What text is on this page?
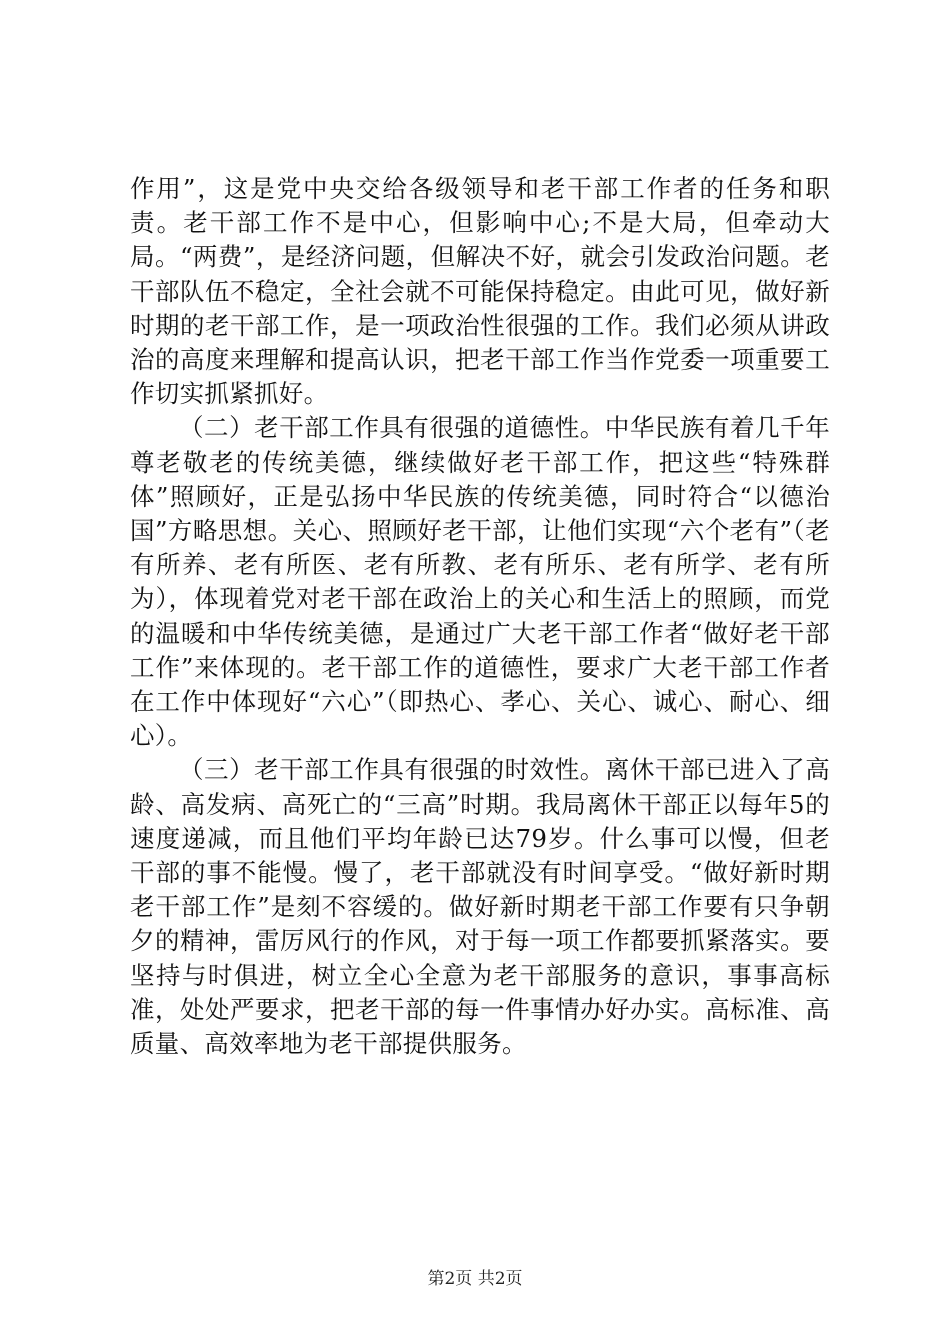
作用”，这是党中央交给各级领导和老干部工作者的任务和职责。老干部工作不是中心，但影响中心;不是大局，但牵动大局。“两费”，是经济问题，但解决不好，就会引发政治问题。老干部队伍不稳定，全社会就不可能保持稳定。由此可见，做好新时期的老干部工作，是一项政治性很强的工作。我们必须从讲政治的高度来理解和提高认识，把老干部工作当作党委一项重要工作切实抓紧抓好。

（二）老干部工作具有很强的道德性。中华民族有着几千年尊老敬老的传统美德，继续做好老干部工作，把这些“特殊群体”照顾好，正是弘扬中华民族的传统美德，同时符合“以德治国”方略思想。关心、照顾好老干部，让他们实现“六个老有”（老有所养、老有所医、老有所教、老有所乐、老有所学、老有所为），体现着党对老干部在政治上的关心和生活上的照顾，而党的温暖和中华传统美德，是通过广大老干部工作者“做好老干部工作”来体现的。老干部工作的道德性，要求广大老干部工作者在工作中体现好“六心”（即热心、孝心、关心、诚心、耐心、细心）。

（三）老干部工作具有很强的时效性。离休干部已进入了高龄、高发病、高死亡的“三高”时期。我局离休干部正以每年5的速度递减，而且他们平均年龄已达79岁。什么事可以慢，但老干部的事不能慢。慢了，老干部就没有时间享受。“做好新时期老干部工作”是刻不容缓的。做好新时期老干部工作要有只争朝夕的精神，雷厉风行的作风，对于每一项工作都要抓紧落实。要坚持与时俱进，树立全心全意为老干部服务的意识，事事高标准，处处严要求，把老干部的每一件事情办好办实。高标准、高质量、高效率地为老干部提供服务。

第2页 共2页
